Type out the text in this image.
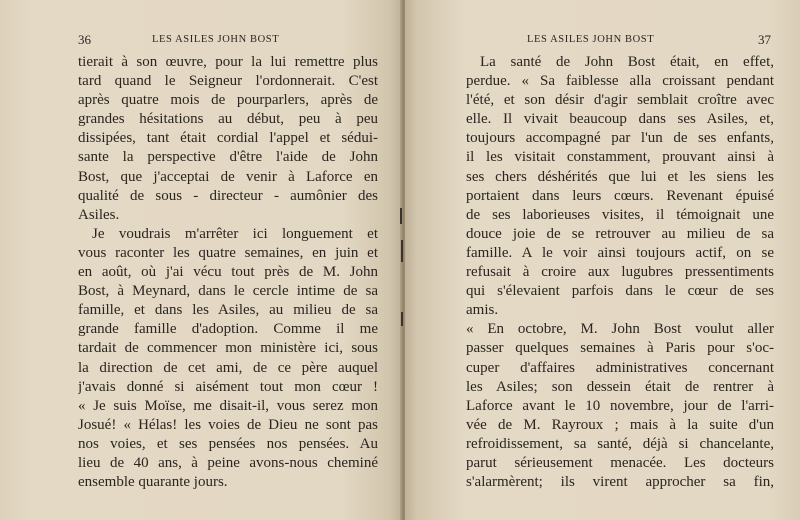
36	LES ASILES JOHN BOST
tierait à son œuvre, pour la lui remettre plus
tard quand le Seigneur l'ordonnerait. C'est
après quatre mois de pourparlers, après de
grandes hésitations au début, peu à peu
dissipées, tant était cordial l'appel et sédui-
sante la perspective d'être l'aide de John
Bost, que j'acceptai de venir à Laforce en
qualité de sous - directeur - aumônier des
Asiles.
Je voudrais m'arrêter ici longuement et
vous raconter les quatre semaines, en juin et
en août, où j'ai vécu tout près de M. John
Bost, à Meynard, dans le cercle intime de sa
famille, et dans les Asiles, au milieu de sa
grande famille d'adoption. Comme il me
tardait de commencer mon ministère ici, sous
la direction de cet ami, de ce père auquel
j'avais donné si aisément tout mon cœur !
« Je suis Moïse, me disait-il, vous serez mon
Josué! « Hélas! les voies de Dieu ne sont pas
nos voies, et ses pensées nos pensées. Au
lieu de 40 ans, à peine avons-nous cheminé
ensemble quarante jours.
LES ASILES JOHN BOST	37
La santé de John Bost était, en effet,
perdue. « Sa faiblesse alla croissant pendant
l'été, et son désir d'agir semblait croître avec
elle. Il vivait beaucoup dans ses Asiles, et,
toujours accompagné par l'un de ses enfants,
il les visitait constamment, prouvant ainsi à
ses chers déshérités que lui et les siens les
portaient dans leurs cœurs. Revenant épuisé
de ses laborieuses visites, il témoignait une
douce joie de se retrouver au milieu de sa
famille. A le voir ainsi toujours actif, on se
refusait à croire aux lugubres pressentiments
qui s'élevaient parfois dans le cœur de ses
amis.
« En octobre, M. John Bost voulut aller
passer quelques semaines à Paris pour s'oc-
cuper d'affaires administratives concernant
les Asiles; son dessein était de rentrer à
Laforce avant le 10 novembre, jour de l'arri-
vée de M. Rayroux ; mais à la suite d'un
refroidissement, sa santé, déjà si chancelante,
parut sérieusement menacée. Les docteurs
s'alarmèrent; ils virent approcher sa fin,
